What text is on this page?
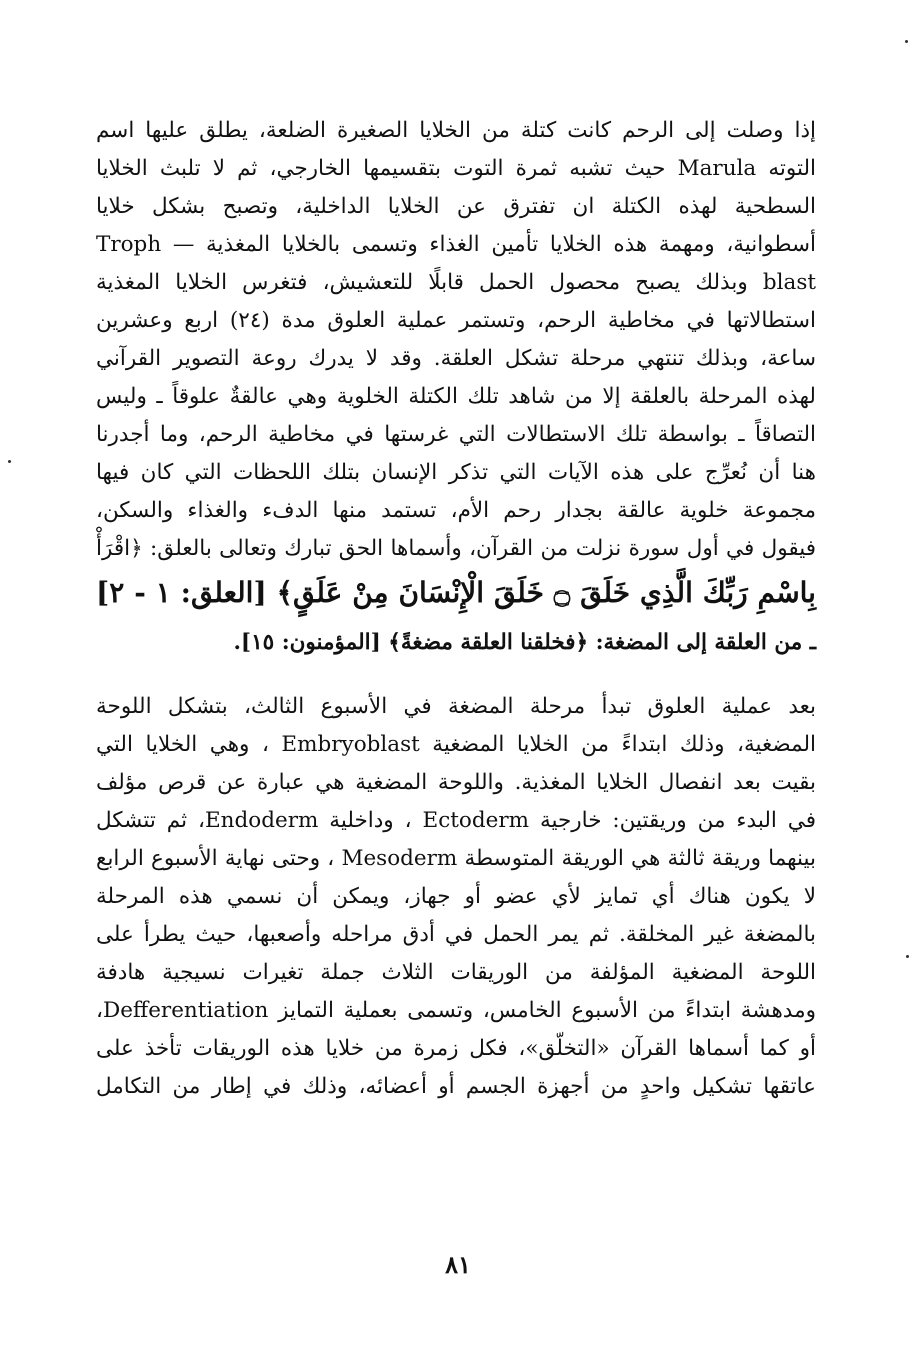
إذا وصلت إلى الرحم كانت كتلة من الخلايا الصغيرة الضلعة، يطلق عليها اسم
التوته Marula حيث تشبه ثمرة التوت بتقسيمها الخارجي، ثم لا تلبث الخلايا
السطحية لهذه الكتلة ان تفترق عن الخلايا الداخلية، وتصبح بشكل خلايا
أسطوانية، ومهمة هذه الخلايا تأمين الغذاء وتسمى بالخلايا المغذية — Troph
blast وبذلك يصبح محصول الحمل قابلًا للتعشيش، فتغرس الخلايا المغذية
استطالاتها في مخاطية الرحم، وتستمر عملية العلوق مدة (٢٤) اربع وعشرين
ساعة، وبذلك تنتهي مرحلة تشكل العلقة. وقد لا يدرك روعة التصوير القرآني
لهذه المرحلة بالعلقة إلا من شاهد تلك الكتلة الخلوية وهي عالقةٌ علوقاً ـ وليس
التصاقاً ـ بواسطة تلك الاستطالات التي غرستها في مخاطية الرحم، وما أجدرنا
هنا أن نُعرِّج على هذه الآيات التي تذكر الإنسان بتلك اللحظات التي كان فيها
مجموعة خلوية عالقة بجدار رحم الأم، تستمد منها الدفء والغذاء والسكن،
فيقول في أول سورة نزلت من القرآن، وأسماها الحق تبارك وتعالى بالعلق: ﴿اقْرَأْ
بِاسْمِ رَبِّكَ الَّذِي خَلَقَ ۝ خَلَقَ الْإِنْسَانَ مِنْ عَلَقٍ﴾ [العلق: ١ - ٢]
ـ من العلقة إلى المضغة: ﴿فخلقنا العلقة مضغةً﴾ [المؤمنون: ١٥].
بعد عملية العلوق تبدأ مرحلة المضغة في الأسبوع الثالث، بتشكل اللوحة
المضغية، وذلك ابتداءً من الخلايا المضغية Embryoblast ، وهي الخلايا التي
بقيت بعد انفصال الخلايا المغذية. واللوحة المضغية هي عبارة عن قرص مؤلف
في البدء من وريقتين: خارجية Ectoderm ، وداخلية Endoderm، ثم تتشكل
بينهما وريقة ثالثة هي الوريقة المتوسطة Mesoderm ، وحتى نهاية الأسبوع الرابع
لا يكون هناك أي تمايز لأي عضو أو جهاز، ويمكن أن نسمي هذه المرحلة
بالمضغة غير المخلقة. ثم يمر الحمل في أدق مراحله وأصعبها، حيث يطرأ على
اللوحة المضغية المؤلفة من الوريقات الثلاث جملة تغيرات نسيجية هادفة
ومدهشة ابتداءً من الأسبوع الخامس، وتسمى بعملية التمايز Defferentiation،
أو كما أسماها القرآن «التخلّق»، فكل زمرة من خلايا هذه الوريقات تأخذ على
عاتقها تشكيل واحدٍ من أجهزة الجسم أو أعضائه، وذلك في إطار من التكامل
٨١
